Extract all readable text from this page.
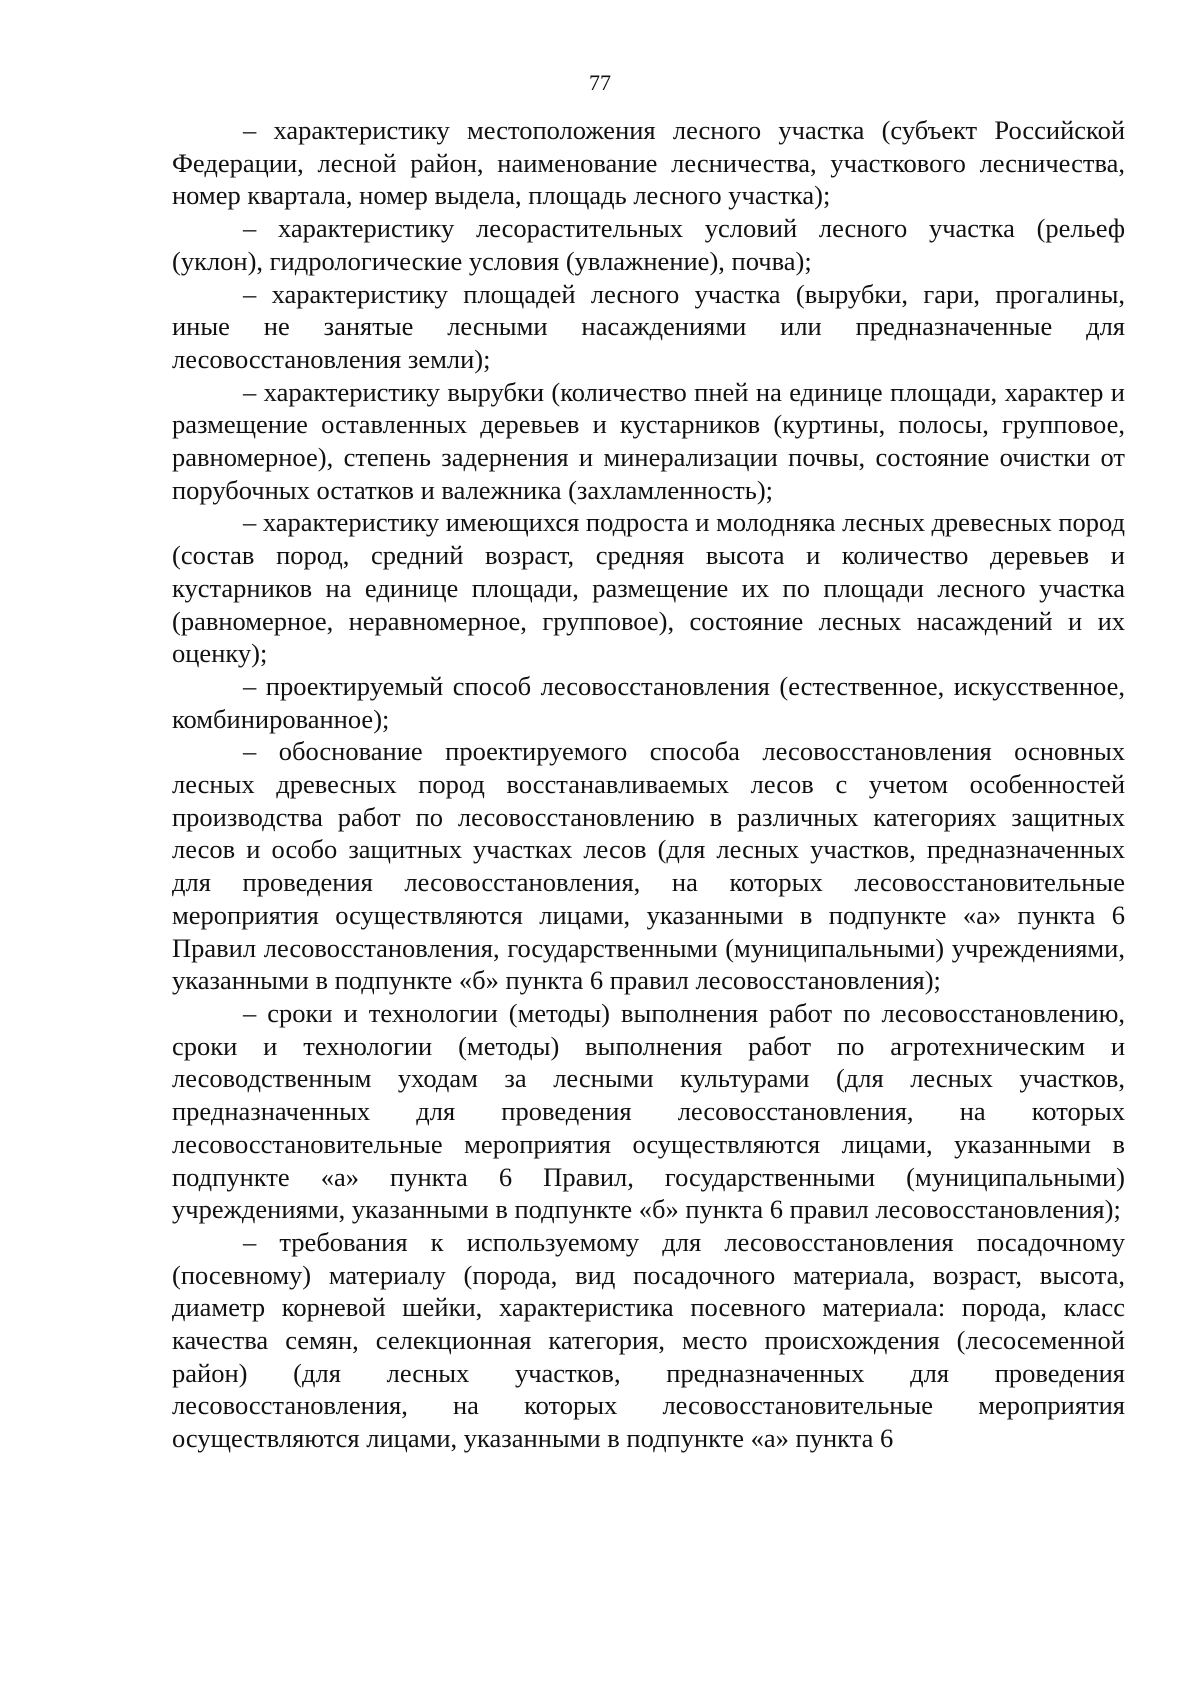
77

– характеристику местоположения лесного участка (субъект Российской Федерации, лесной район, наименование лесничества, участкового лесничества, номер квартала, номер выдела, площадь лесного участка);

– характеристику лесорастительных условий лесного участка (рельеф (уклон), гидрологические условия (увлажнение), почва);

– характеристику площадей лесного участка (вырубки, гари, прогалины, иные не занятые лесными насаждениями или предназначенные для лесовосстановления земли);

– характеристику вырубки (количество пней на единице площади, характер и размещение оставленных деревьев и кустарников (куртины, полосы, групповое, равномерное), степень задернения и минерализации почвы, состояние очистки от порубочных остатков и валежника (захламленность);

– характеристику имеющихся подроста и молодняка лесных древесных пород (состав пород, средний возраст, средняя высота и количество деревьев и кустарников на единице площади, размещение их по площади лесного участка (равномерное, неравномерное, групповое), состояние лесных насаждений и их оценку);

– проектируемый способ лесовосстановления (естественное, искусственное, комбинированное);

– обоснование проектируемого способа лесовосстановления основных лесных древесных пород восстанавливаемых лесов с учетом особенностей производства работ по лесовосстановлению в различных категориях защитных лесов и особо защитных участках лесов (для лесных участков, предназначенных для проведения лесовосстановления, на которых лесовосстановительные мероприятия осуществляются лицами, указанными в подпункте «а» пункта 6 Правил лесовосстановления, государственными (муниципальными) учреждениями, указанными в подпункте «б» пункта 6 правил лесовосстановления);

– сроки и технологии (методы) выполнения работ по лесовосстановлению, сроки и технологии (методы) выполнения работ по агротехническим и лесоводственным уходам за лесными культурами (для лесных участков, предназначенных для проведения лесовосстановления, на которых лесовосстановительные мероприятия осуществляются лицами, указанными в подпункте «а» пункта 6 Правил, государственными (муниципальными) учреждениями, указанными в подпункте «б» пункта 6 правил лесовосстановления);

– требования к используемому для лесовосстановления посадочному (посевному) материалу (порода, вид посадочного материала, возраст, высота, диаметр корневой шейки, характеристика посевного материала: порода, класс качества семян, селекционная категория, место происхождения (лесосеменной район) (для лесных участков, предназначенных для проведения лесовосстановления, на которых лесовосстановительные мероприятия осуществляются лицами, указанными в подпункте «а» пункта 6
